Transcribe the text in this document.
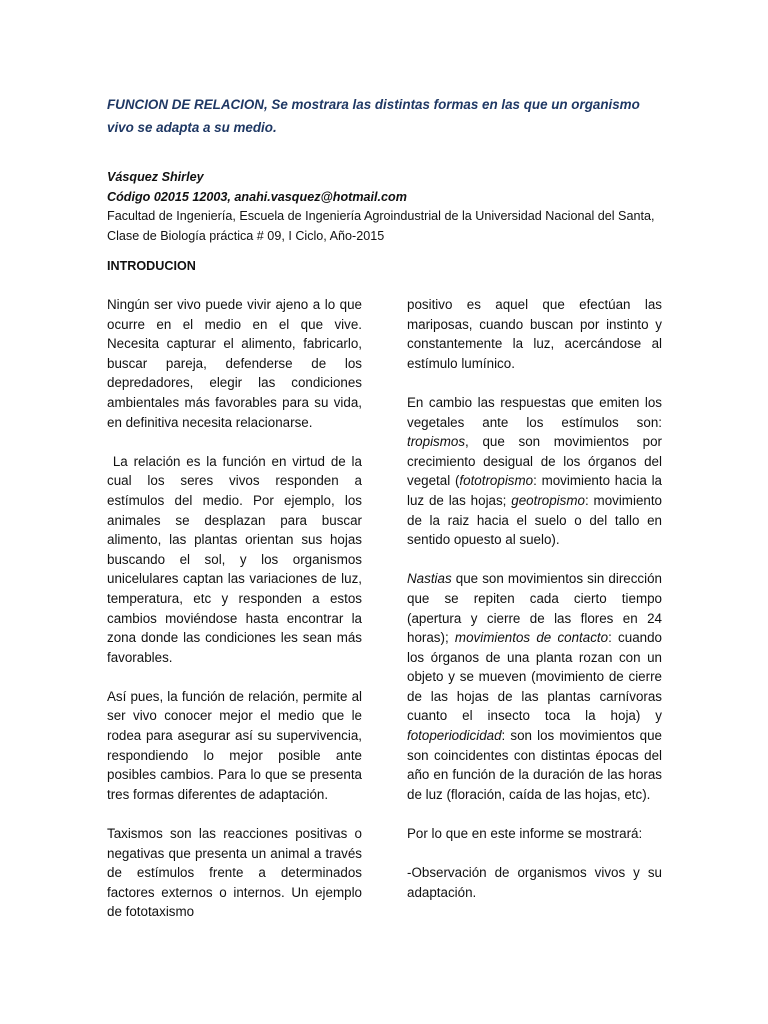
FUNCION DE RELACION, Se mostrara las distintas formas en las que un organismo vivo se adapta a su medio.

Vásquez Shirley
Código 02015 12003, anahi.vasquez@hotmail.com
Facultad de Ingeniería, Escuela de Ingeniería Agroindustrial de la Universidad Nacional del Santa,
Clase de Biología práctica # 09, I Ciclo, Año-2015
INTRODUCION

Ningún ser vivo puede vivir ajeno a lo que ocurre en el medio en el que vive. Necesita capturar el alimento, fabricarlo, buscar pareja, defenderse de los depredadores, elegir las condiciones ambientales más favorables para su vida, en definitiva necesita relacionarse.

La relación es la función en virtud de la cual los seres vivos responden a estímulos del medio. Por ejemplo, los animales se desplazan para buscar alimento, las plantas orientan sus hojas buscando el sol, y los organismos unicelulares captan las variaciones de luz, temperatura, etc y responden a estos cambios moviéndose hasta encontrar la zona donde las condiciones les sean más favorables.

Así pues, la función de relación, permite al ser vivo conocer mejor el medio que le rodea para asegurar así su supervivencia, respondiendo lo mejor posible ante posibles cambios. Para lo que se presenta tres formas diferentes de adaptación.

Taxismos son las reacciones positivas o negativas que presenta un animal a través de estímulos frente a determinados factores externos o internos. Un ejemplo de fototaxismo

positivo es aquel que efectúan las mariposas, cuando buscan por instinto y constantemente la luz, acercándose al estímulo lumínico.

En cambio las respuestas que emiten los vegetales ante los estímulos son: tropismos, que son movimientos por crecimiento desigual de los órganos del vegetal (fototropismo: movimiento hacia la luz de las hojas; geotropismo: movimiento de la raiz hacia el suelo o del tallo en sentido opuesto al suelo).

Nastias que son movimientos sin dirección que se repiten cada cierto tiempo (apertura y cierre de las flores en 24 horas); movimientos de contacto: cuando los órganos de una planta rozan con un objeto y se mueven (movimiento de cierre de las hojas de las plantas carnívoras cuanto el insecto toca la hoja) y fotoperiodicidad: son los movimientos que son coincidentes con distintas épocas del año en función de la duración de las horas de luz (floración, caída de las hojas, etc).

Por lo que en este informe se mostrará:

-Observación de organismos vivos y su adaptación.
